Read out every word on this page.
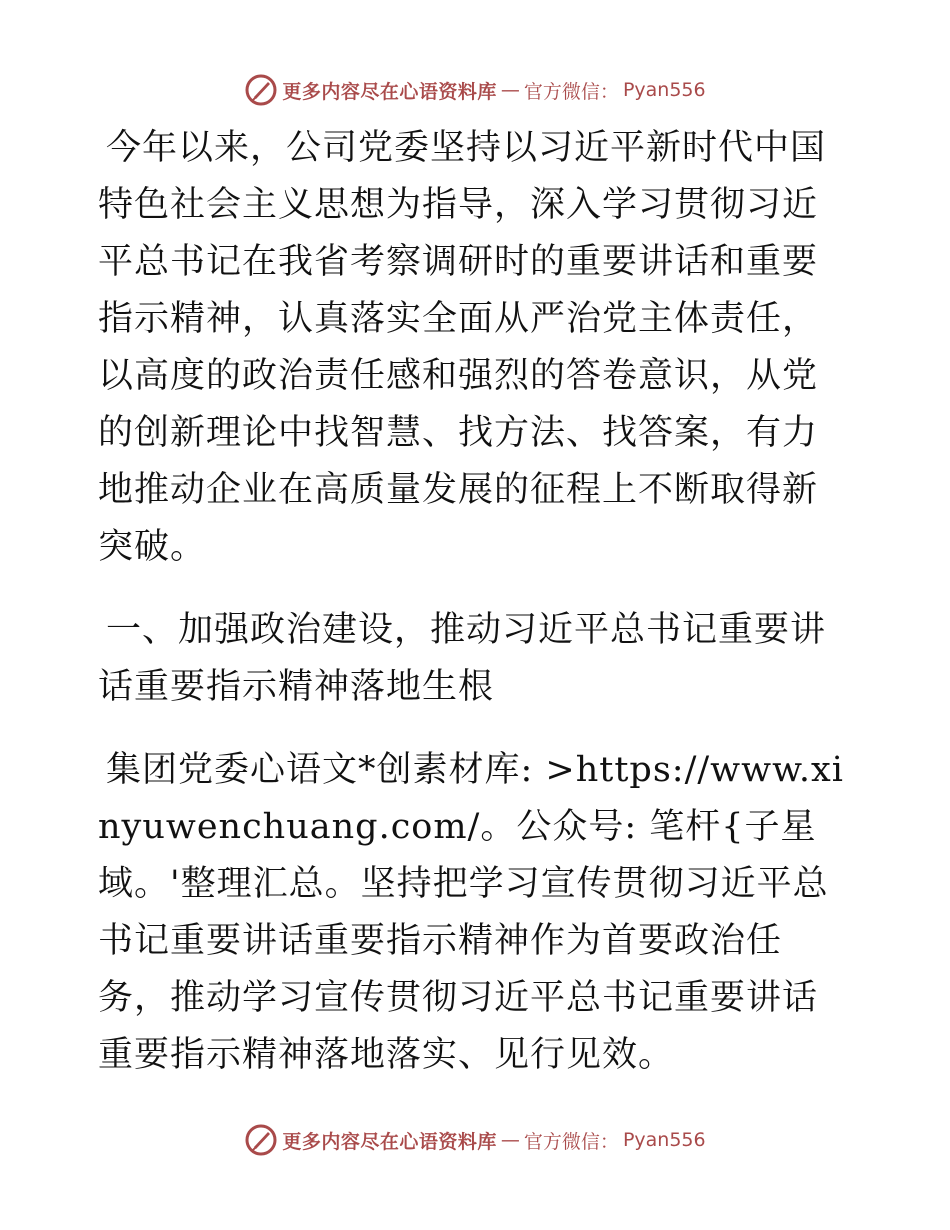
更多内容尽在心语资料库 — 官方微信： Pyan556

今年以来，公司党委坚持以习近平新时代中国特色社会主义思想为指导，深入学习贯彻习近平总书记在我省考察调研时的重要讲话和重要指示精神，认真落实全面从严治党主体责任，以高度的政治责任感和强烈的答卷意识，从党的创新理论中找智慧、找方法、找答案，有力地推动企业在高质量发展的征程上不断取得新突破。

一、加强政治建设，推动习近平总书记重要讲话重要指示精神落地生根

集团党委心语文*创素材库: >https://www.xinyuwenchuang.com/。公众号: 笔杆{子星域。'整理汇总。坚持把学习宣传贯彻习近平总书记重要讲话重要指示精神作为首要政治任务，推动学习宣传贯彻习近平总书记重要讲话重要指示精神落地落实、见行见效。

更多内容尽在心语资料库 — 官方微信： Pyan556
